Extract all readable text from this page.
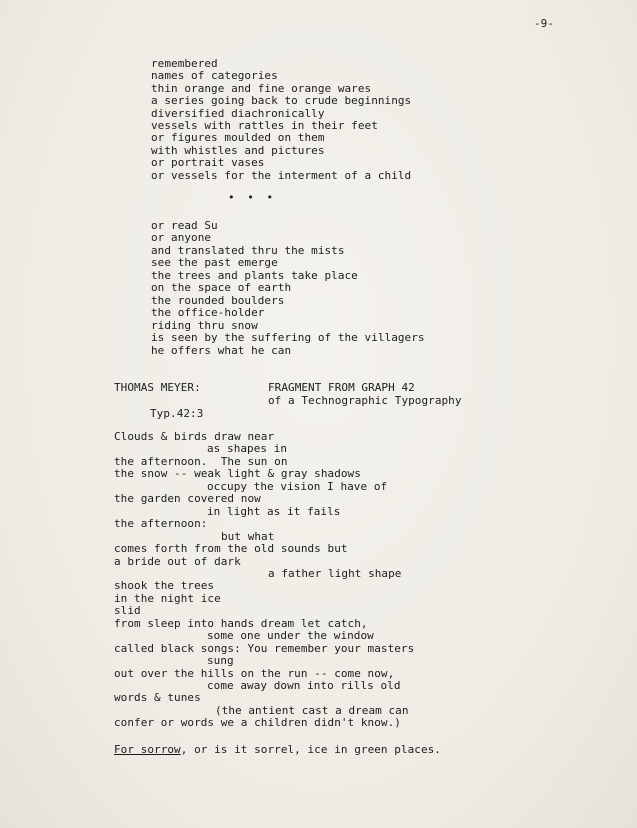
-9-
remembered
names of categories
thin orange and fine orange wares
a series going back to crude beginnings
diversified diachronically
vessels with rattles in their feet
or figures moulded on them
with whistles and pictures
or portrait vases
or vessels for the interment of a child
• • •
or read Su
or anyone
and translated thru the mists
see the past emerge
the trees and plants take place
on the space of earth
the rounded boulders
the office-holder
riding thru snow
is seen by the suffering of the villagers
he offers what he can
THOMAS MEYER:	FRAGMENT FROM GRAPH 42
of a Technographic Typography
Typ.42:3
Clouds & birds draw near
as shapes in
the afternoon.  The sun on
the snow -- weak light & gray shadows
occupy the vision I have of
the garden covered now
in light as it fails
the afternoon:
but what
comes forth from the old sounds but
a bride out of dark
a father light shape
shook the trees
in the night ice
slid
from sleep into hands dream let catch,
some one under the window
called black songs: You remember your masters
sung
out over the hills on the run -- come now,
come away down into rills old
words & tunes
(the antient cast a dream can
confer or words we a children didn't know.)
For sorrow, or is it sorrel, ice in green places.
